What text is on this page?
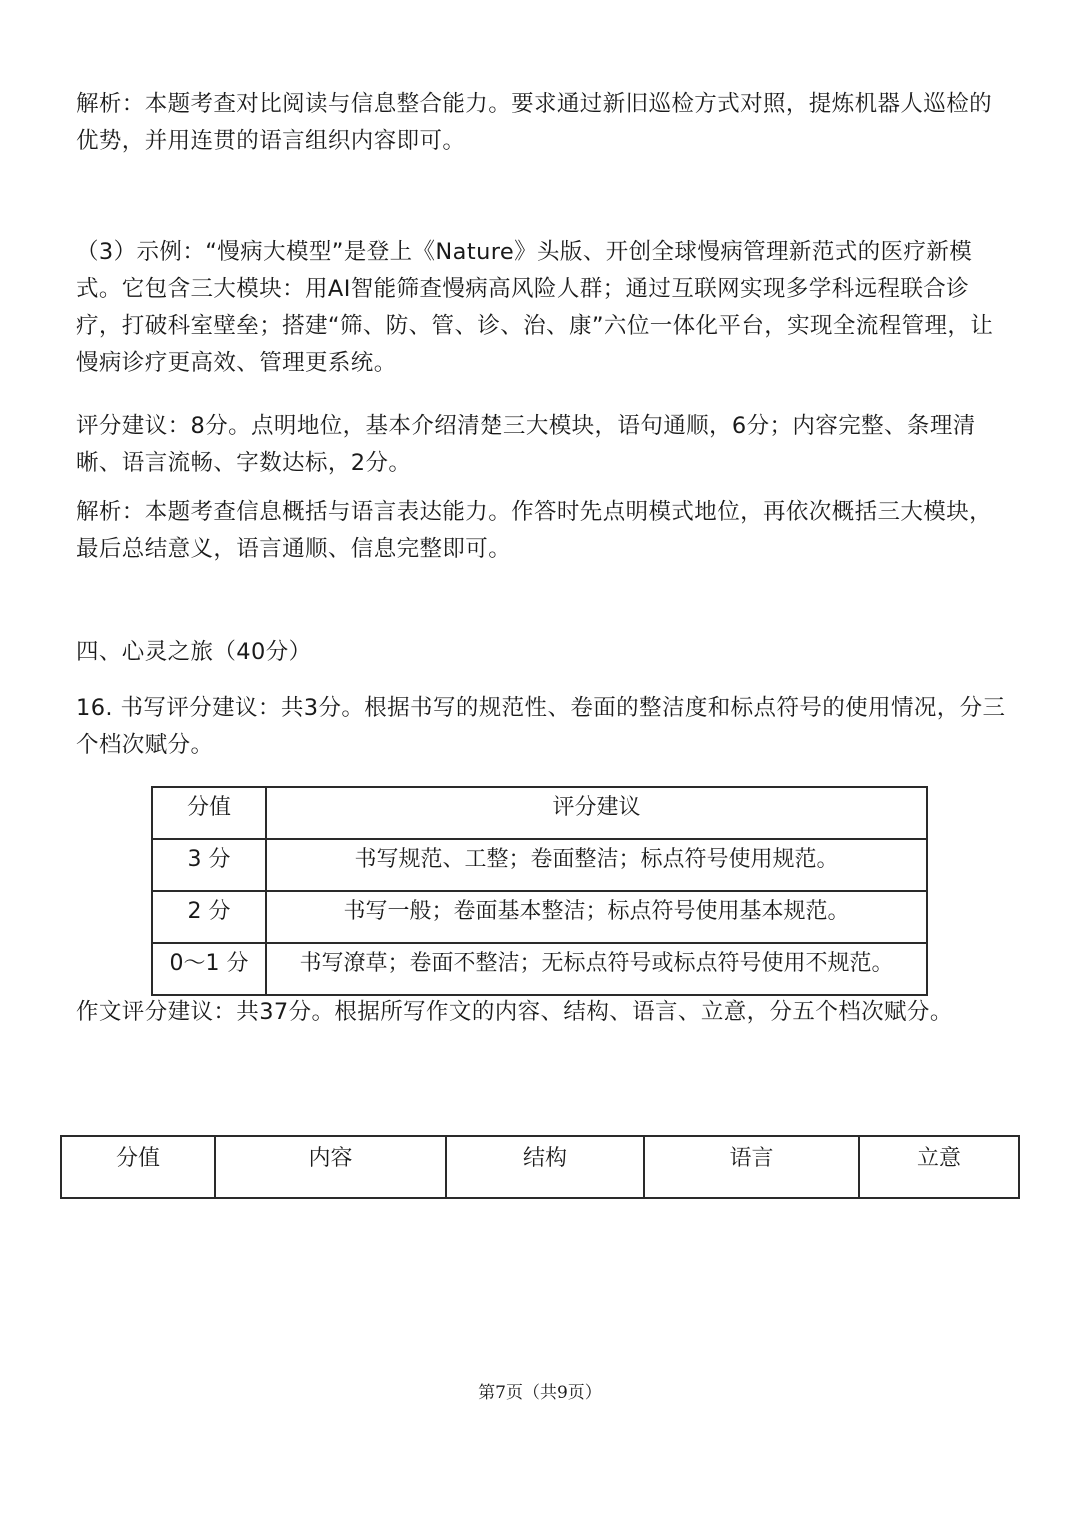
解析：本题考查对比阅读与信息整合能力。要求通过新旧巡检方式对照，提炼机器人巡检的优势，并用连贯的语言组织内容即可。

（3）示例：“慢病大模型”是登上《Nature》头版、开创全球慢病管理新范式的医疗新模式。它包含三大模块：用AI智能筛查慢病高风险人群；通过互联网实现多学科远程联合诊疗，打破科室壁垒；搭建“筛、防、管、诊、治、康”六位一体化平台，实现全流程管理，让慢病诊疗更高效、管理更系统。

评分建议：8分。点明地位，基本介绍清楚三大模块，语句通顺，6分；内容完整、条理清晰、语言流畅、字数达标，2分。

解析：本题考查信息概括与语言表达能力。作答时先点明模式地位，再依次概括三大模块，最后总结意义，语言通顺、信息完整即可。

四、心灵之旅（40分）

16. 书写评分建议：共3分。根据书写的规范性、卷面的整洁度和标点符号的使用情况，分三个档次赋分。

分值	评分建议
3 分	书写规范、工整；卷面整洁；标点符号使用规范。
2 分	书写一般；卷面基本整洁；标点符号使用基本规范。
0～1 分	书写潦草；卷面不整洁；无标点符号或标点符号使用不规范。

作文评分建议：共37分。根据所写作文的内容、结构、语言、立意，分五个档次赋分。

分值	内容	结构	语言	立意
第7页（共9页）
